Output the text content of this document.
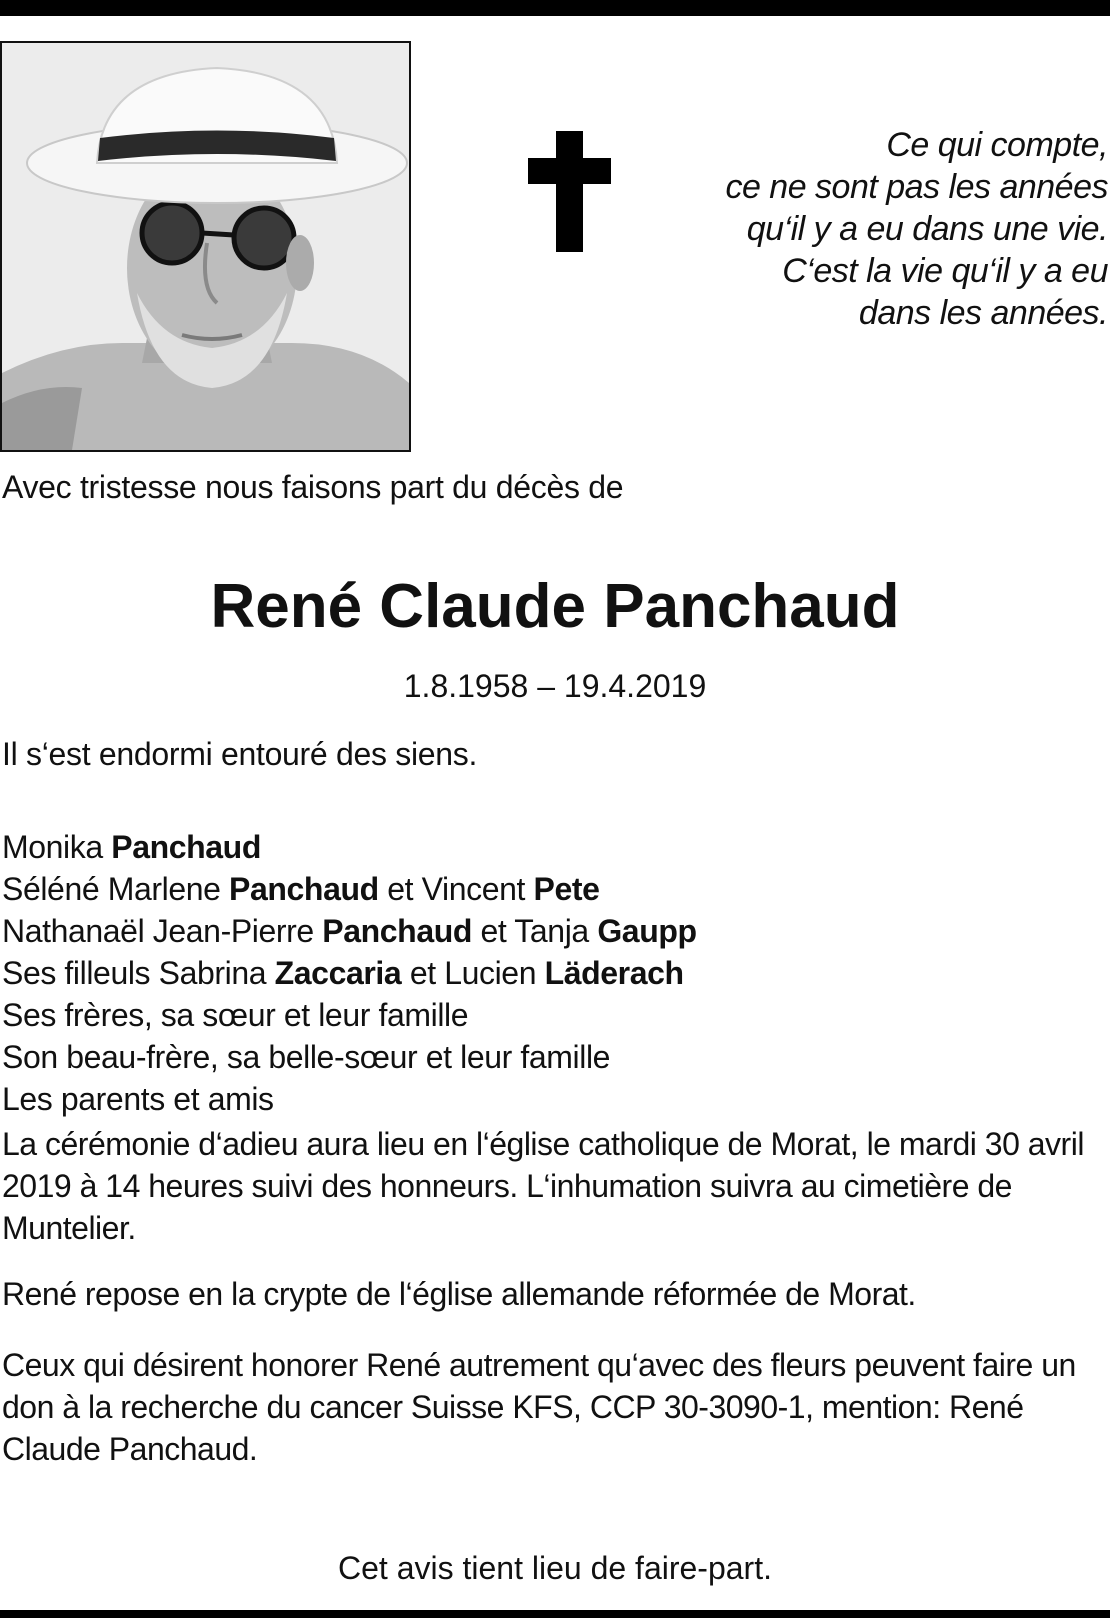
Ce qui compte,
ce ne sont pas les années
qu‘il y a eu dans une vie.
C‘est la vie qu‘il y a eu
dans les années.
Avec tristesse nous faisons part du décès de
René Claude Panchaud
1.8.1958 – 19.4.2019
Il s‘est endormi entouré des siens.
Monika Panchaud
Séléné Marlene Panchaud et Vincent Pete
Nathanaël Jean-Pierre Panchaud et Tanja Gaupp
Ses filleuls Sabrina Zaccaria et Lucien Läderach
Ses frères, sa sœur et leur famille
Son beau-frère, sa belle-sœur et leur famille
Les parents et amis
La cérémonie d‘adieu aura lieu en l‘église catholique de Morat, le mardi 30 avril 2019 à 14 heures suivi des honneurs. L‘inhumation suivra au cimetière de Muntelier.
René repose en la crypte de l‘église allemande réformée de Morat.
Ceux qui désirent honorer René autrement qu‘avec des fleurs peuvent faire un don à la recherche du cancer Suisse KFS, CCP 30-3090-1, mention: René Claude Panchaud.
Cet avis tient lieu de faire-part.
